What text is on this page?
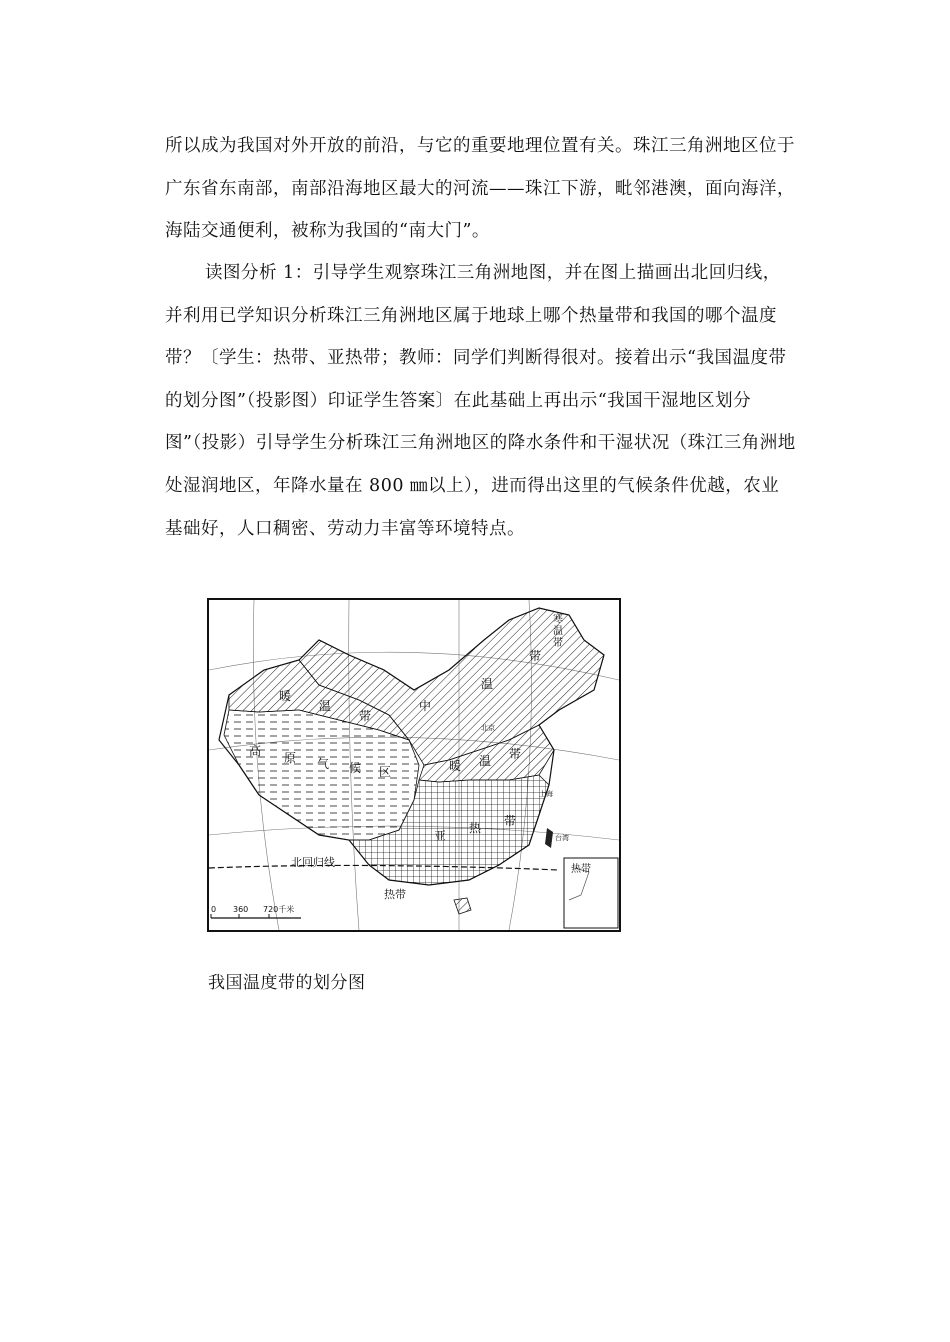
所以成为我国对外开放的前沿，与它的重要地理位置有关。珠江三角洲地区位于广东省东南部，南部沿海地区最大的河流——珠江下游，毗邻港澳，面向海洋，海陆交通便利，被称为我国的“南大门”。
读图分析 1：引导学生观察珠江三角洲地图，并在图上描画出北回归线，并利用已学知识分析珠江三角洲地区属于地球上哪个热量带和我国的哪个温度带？〔学生：热带、亚热带；教师：同学们判断得很对。接着出示“我国温度带的划分图”（投影图）印证学生答案〕在此基础上再出示“我国干湿地区划分图”（投影）引导学生分析珠江三角洲地区的降水条件和干湿状况（珠江三角洲地处湿润地区，年降水量在 800 ㎜以上），进而得出这里的气候条件优越，农业基础好，人口稠密、劳动力丰富等环境特点。
暖
温
带
中
温
带
寒
温
带
高 原 气 候 区	暖 温 带
亚
热 带
热带
热带
北回归线
北京
上海
台湾
0 360 720千米
我国温度带的划分图
